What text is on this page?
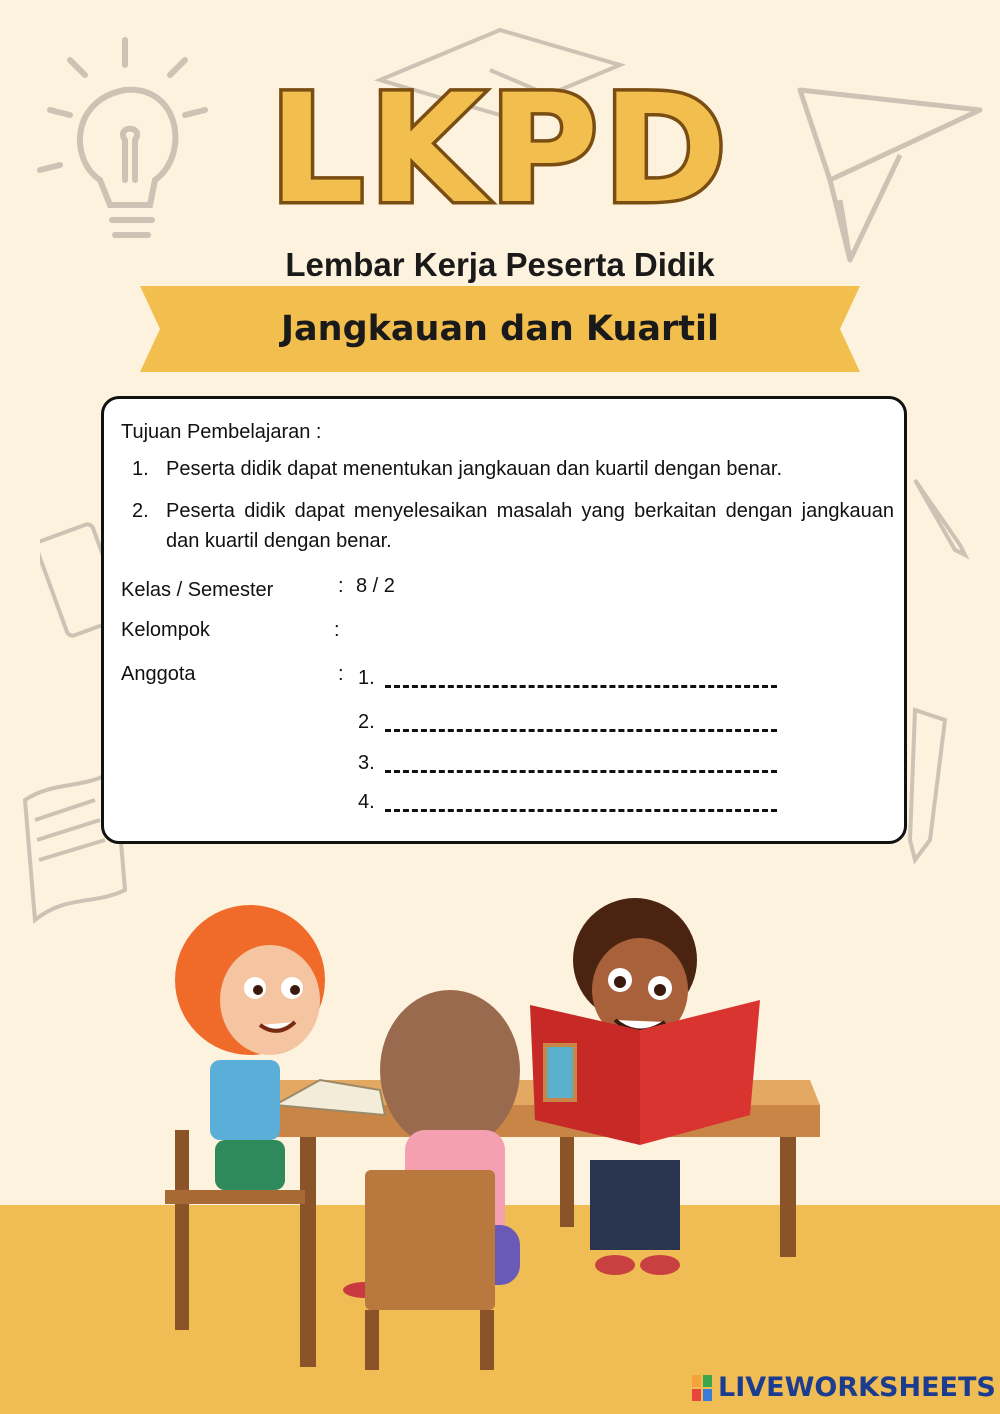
LKPD
Lembar Kerja Peserta Didik
Jangkauan dan Kuartil
Tujuan Pembelajaran :
1. Peserta didik dapat menentukan jangkauan dan kuartil dengan benar.
2. Peserta didik dapat menyelesaikan masalah yang berkaitan dengan jangkauan dan kuartil dengan benar.
Kelas / Semester	: 8 / 2
Kelompok	:
Anggota	: 1.
2.
3.
4.
LIVEWORKSHEETS
